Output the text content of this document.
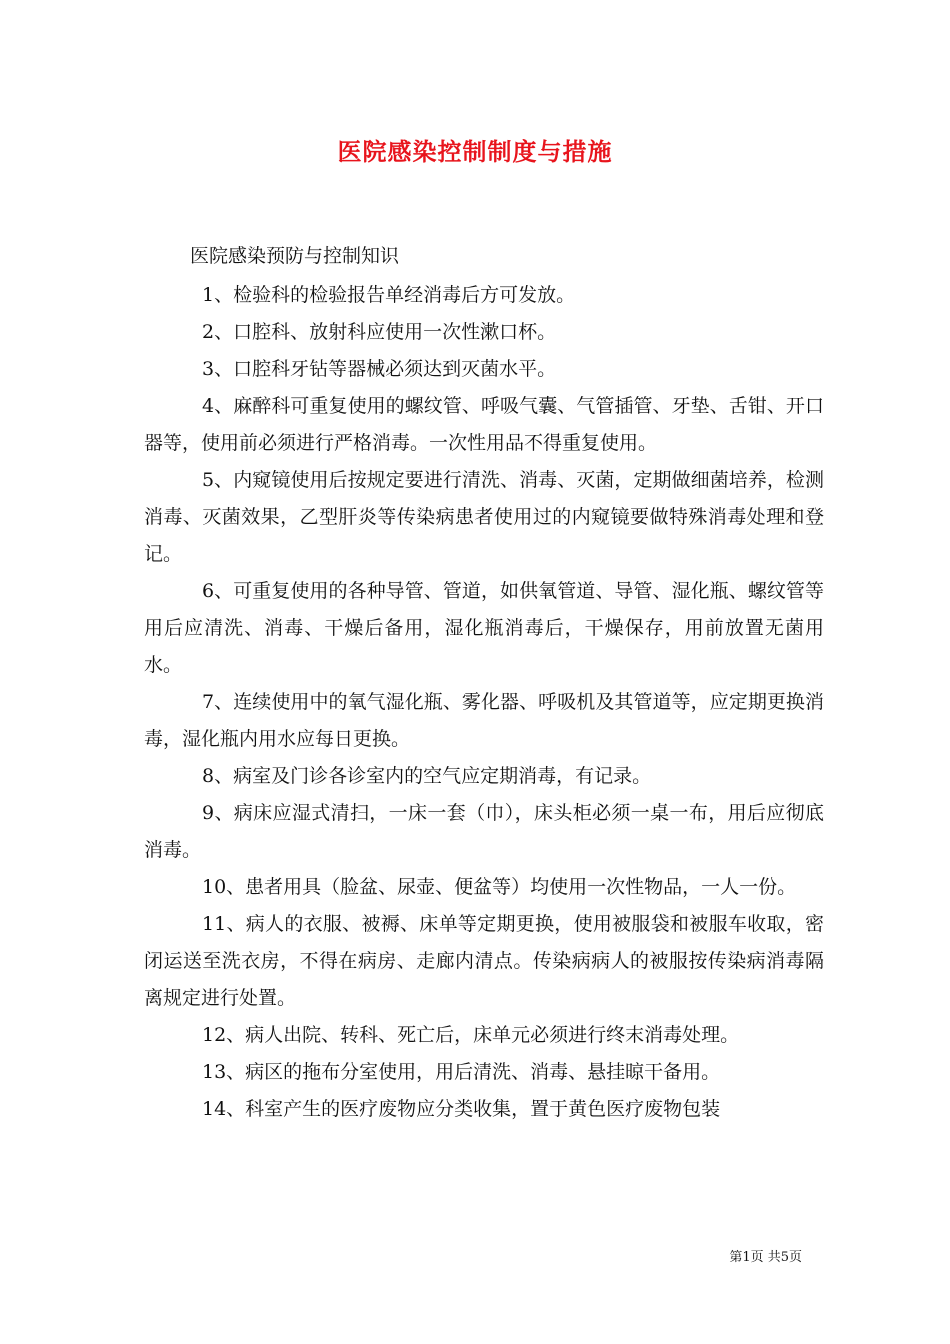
医院感染控制制度与措施

医院感染预防与控制知识

1、检验科的检验报告单经消毒后方可发放。

2、口腔科、放射科应使用一次性漱口杯。

3、口腔科牙钻等器械必须达到灭菌水平。

4、麻醉科可重复使用的螺纹管、呼吸气囊、气管插管、牙垫、舌钳、开口器等，使用前必须进行严格消毒。一次性用品不得重复使用。

5、内窥镜使用后按规定要进行清洗、消毒、灭菌，定期做细菌培养，检测消毒、灭菌效果，乙型肝炎等传染病患者使用过的内窥镜要做特殊消毒处理和登记。

6、可重复使用的各种导管、管道，如供氧管道、导管、湿化瓶、螺纹管等用后应清洗、消毒、干燥后备用，湿化瓶消毒后，干燥保存，用前放置无菌用水。

7、连续使用中的氧气湿化瓶、雾化器、呼吸机及其管道等，应定期更换消毒，湿化瓶内用水应每日更换。

8、病室及门诊各诊室内的空气应定期消毒，有记录。

9、病床应湿式清扫，一床一套（巾），床头柜必须一桌一布，用后应彻底消毒。

10、患者用具（脸盆、尿壶、便盆等）均使用一次性物品，一人一份。

11、病人的衣服、被褥、床单等定期更换，使用被服袋和被服车收取，密闭运送至洗衣房，不得在病房、走廊内清点。传染病病人的被服按传染病消毒隔离规定进行处置。

12、病人出院、转科、死亡后，床单元必须进行终末消毒处理。

13、病区的拖布分室使用，用后清洗、消毒、悬挂晾干备用。

14、科室产生的医疗废物应分类收集，置于黄色医疗废物包装

第1页 共5页
